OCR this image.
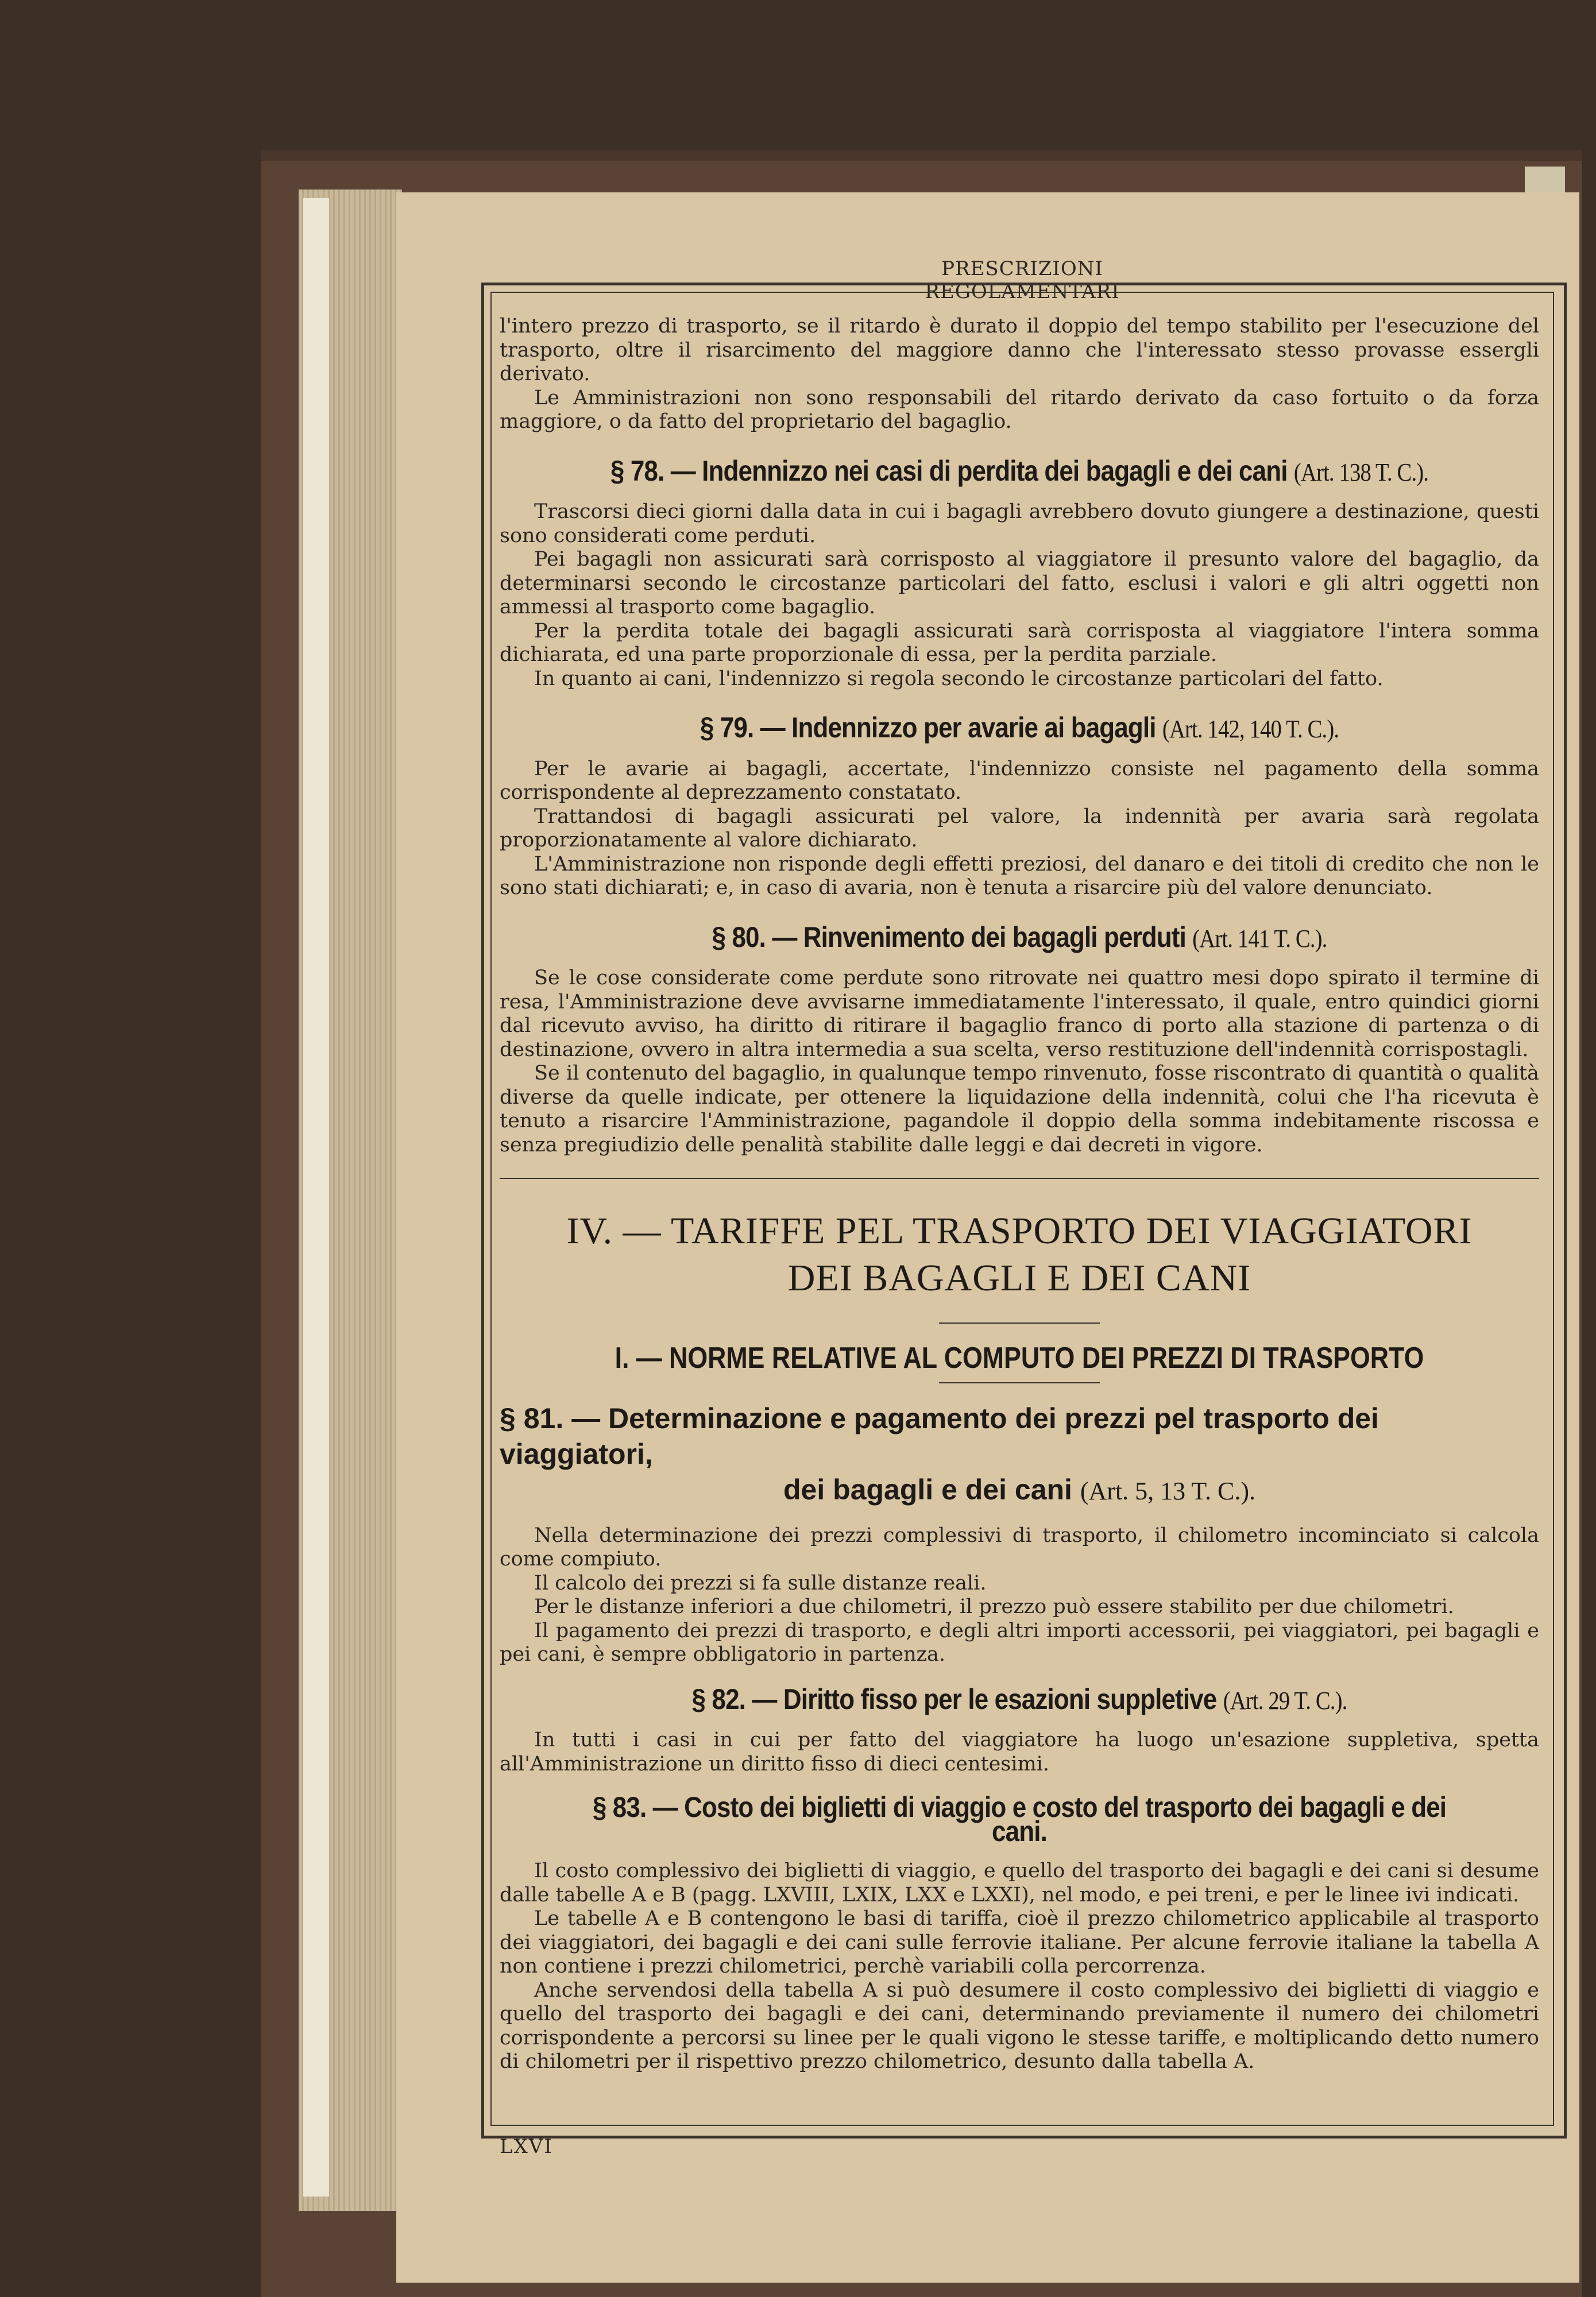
PRESCRIZIONI REGOLAMENTARI

l'intero prezzo di trasporto, se il ritardo è durato il doppio del tempo stabilito per l'esecuzione del trasporto, oltre il risarcimento del maggiore danno che l'interessato stesso provasse essergli derivato.

Le Amministrazioni non sono responsabili del ritardo derivato da caso fortuito o da forza maggiore, o da fatto del proprietario del bagaglio.

§ 78. — Indennizzo nei casi di perdita dei bagagli e dei cani (Art. 138 T. C.).

Trascorsi dieci giorni dalla data in cui i bagagli avrebbero dovuto giungere a destinazione, questi sono considerati come perduti.

Pei bagagli non assicurati sarà corrisposto al viaggiatore il presunto valore del bagaglio, da determinarsi secondo le circostanze particolari del fatto, esclusi i valori e gli altri oggetti non ammessi al trasporto come bagaglio.

Per la perdita totale dei bagagli assicurati sarà corrisposta al viaggiatore l'intera somma dichiarata, ed una parte proporzionale di essa, per la perdita parziale.

In quanto ai cani, l'indennizzo si regola secondo le circostanze particolari del fatto.

§ 79. — Indennizzo per avarie ai bagagli (Art. 142, 140 T. C.).

Per le avarie ai bagagli, accertate, l'indennizzo consiste nel pagamento della somma corrispondente al deprezzamento constatato.

Trattandosi di bagagli assicurati pel valore, la indennità per avaria sarà regolata proporzionatamente al valore dichiarato.

L'Amministrazione non risponde degli effetti preziosi, del danaro e dei titoli di credito che non le sono stati dichiarati; e, in caso di avaria, non è tenuta a risarcire più del valore denunciato.

§ 80. — Rinvenimento dei bagagli perduti (Art. 141 T. C.).

Se le cose considerate come perdute sono ritrovate nei quattro mesi dopo spirato il termine di resa, l'Amministrazione deve avvisarne immediatamente l'interessato, il quale, entro quindici giorni dal ricevuto avviso, ha diritto di ritirare il bagaglio franco di porto alla stazione di partenza o di destinazione, ovvero in altra intermedia a sua scelta, verso restituzione dell'indennità corrispostagli.

Se il contenuto del bagaglio, in qualunque tempo rinvenuto, fosse riscontrato di quantità o qualità diverse da quelle indicate, per ottenere la liquidazione della indennità, colui che l'ha ricevuta è tenuto a risarcire l'Amministrazione, pagandole il doppio della somma indebitamente riscossa e senza pregiudizio delle penalità stabilite dalle leggi e dai decreti in vigore.

IV. — TARIFFE PEL TRASPORTO DEI VIAGGIATORI

DEI BAGAGLI E DEI CANI

I. — NORME RELATIVE AL COMPUTO DEI PREZZI DI TRASPORTO

§ 81. — Determinazione e pagamento dei prezzi pel trasporto dei viaggiatori,
dei bagagli e dei cani (Art. 5, 13 T. C.).

Nella determinazione dei prezzi complessivi di trasporto, il chilometro incominciato si calcola come compiuto.

Il calcolo dei prezzi si fa sulle distanze reali.

Per le distanze inferiori a due chilometri, il prezzo può essere stabilito per due chilometri.

Il pagamento dei prezzi di trasporto, e degli altri importi accessorii, pei viaggiatori, pei bagagli e pei cani, è sempre obbligatorio in partenza.

§ 82. — Diritto fisso per le esazioni suppletive (Art. 29 T. C.).

In tutti i casi in cui per fatto del viaggiatore ha luogo un'esazione suppletiva, spetta all'Amministrazione un diritto fisso di dieci centesimi.

§ 83. — Costo dei biglietti di viaggio e costo del trasporto dei bagagli e dei cani.

Il costo complessivo dei biglietti di viaggio, e quello del trasporto dei bagagli e dei cani si desume dalle tabelle A e B (pagg. LXVIII, LXIX, LXX e LXXI), nel modo, e pei treni, e per le linee ivi indicati.

Le tabelle A e B contengono le basi di tariffa, cioè il prezzo chilometrico applicabile al trasporto dei viaggiatori, dei bagagli e dei cani sulle ferrovie italiane. Per alcune ferrovie italiane la tabella A non contiene i prezzi chilometrici, perchè variabili colla percorrenza.

Anche servendosi della tabella A si può desumere il costo complessivo dei biglietti di viaggio e quello del trasporto dei bagagli e dei cani, determinando previamente il numero dei chilometri corrispondente a percorsi su linee per le quali vigono le stesse tariffe, e moltiplicando detto numero di chilometri per il rispettivo prezzo chilometrico, desunto dalla tabella A.

LXVI
